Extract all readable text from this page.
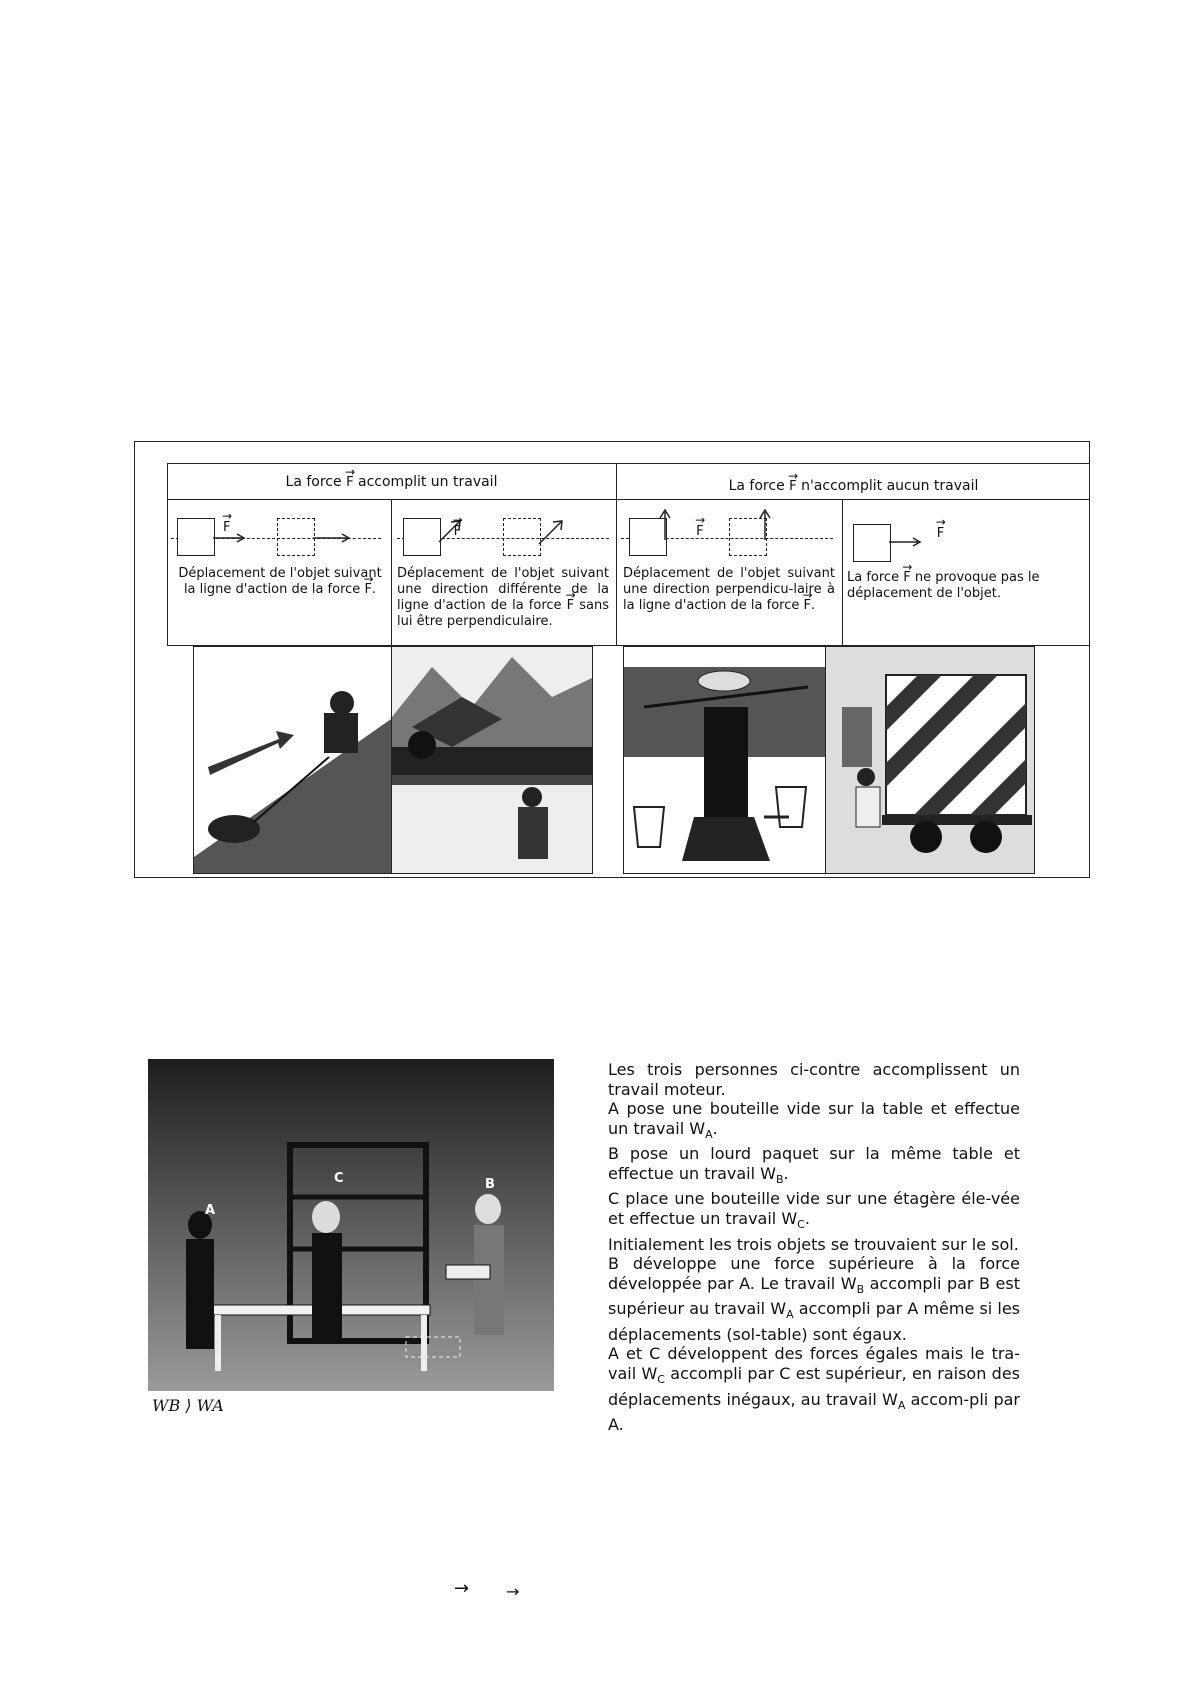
La force → F accomplit un travail	La force → F n'accomplit aucun travail
→ F
Déplacement de l'objet suivant la ligne d'action de la force → F.
→ F
Déplacement de l'objet suivant une direction différente de la ligne d'action de la force → F sans lui être perpendiculaire.
→ F
Déplacement de l'objet suivant une direction perpendicu-laire à la ligne d'action de la force → F.
→ F
La force → F ne provoque pas le déplacement de l'objet.
A
C	B
WB ⟩ WA

Les trois personnes ci-contre accomplissent un travail moteur.

A pose une bouteille vide sur la table et effectue un travail $W_A$.

B pose un lourd paquet sur la même table et effectue un travail $W_B$.

C place une bouteille vide sur une étagère éle-vée et effectue un travail $W_C$.

Initialement les trois objets se trouvaient sur le sol.

B développe une force supérieure à la force développée par A. Le travail $W_B$ accompli par B est supérieur au travail $W_A$ accompli par A même si les déplacements (sol-table) sont égaux.

A et C développent des forces égales mais le tra-vail $W_C$ accompli par C est supérieur, en raison des déplacements inégaux, au travail $W_A$ accom-pli par A.

→ →
